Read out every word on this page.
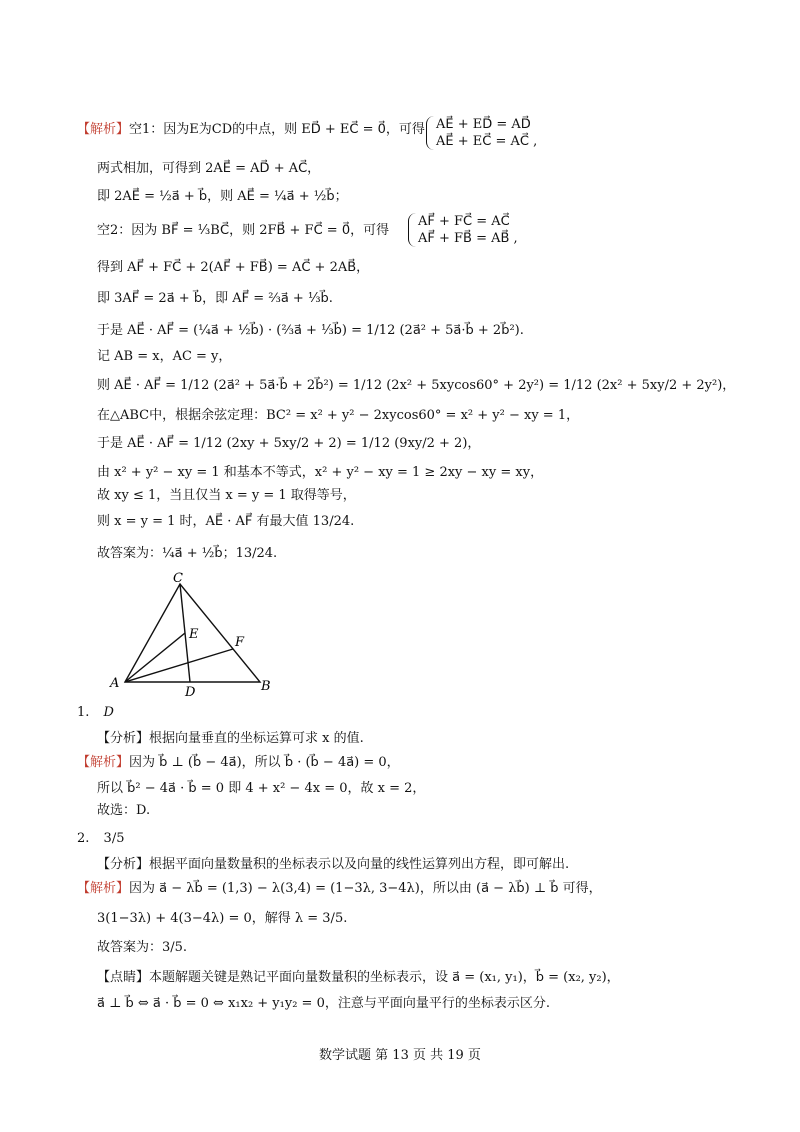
【解析】空1：因为E为CD的中点，则 ED⃗ + EC⃗ = 0⃗，可得 AE⃗ + ED⃗ = AD⃗
AE⃗ + EC⃗ = AC⃗ ,
两式相加，可得到 2AE⃗ = AD⃗ + AC⃗，
即 2AE⃗ = ½a⃗ + b⃗，则 AE⃗ = ¼a⃗ + ½b⃗；
空2：因为 BF⃗ = ⅓BC⃗，则 2FB⃗ + FC⃗ = 0⃗，可得
AF⃗ + FC⃗ = AC⃗
AF⃗ + FB⃗ = AB⃗ ,
得到 AF⃗ + FC⃗ + 2(AF⃗ + FB⃗) = AC⃗ + 2AB⃗，
即 3AF⃗ = 2a⃗ + b⃗，即 AF⃗ = ⅔a⃗ + ⅓b⃗.
于是 AE⃗ · AF⃗ = (¼a⃗ + ½b⃗) · (⅔a⃗ + ⅓b⃗) = 1/12 (2a⃗² + 5a⃗·b⃗ + 2b⃗²).
记 AB = x，AC = y，
则 AE⃗ · AF⃗ = 1/12 (2a⃗² + 5a⃗·b⃗ + 2b⃗²) = 1/12 (2x² + 5xycos60° + 2y²) = 1/12 (2x² + 5xy/2 + 2y²)，
在△ABC中，根据余弦定理：BC² = x² + y² − 2xycos60° = x² + y² − xy = 1，
于是 AE⃗ · AF⃗ = 1/12 (2xy + 5xy/2 + 2) = 1/12 (9xy/2 + 2)，
由 x² + y² − xy = 1 和基本不等式，x² + y² − xy = 1 ≥ 2xy − xy = xy，
故 xy ≤ 1，当且仅当 x = y = 1 取得等号，
则 x = y = 1 时，AE⃗ · AF⃗ 有最大值 13/24.
故答案为：¼a⃗ + ½b⃗；13/24.
C
E
F
A
D	B
1. D
【分析】根据向量垂直的坐标运算可求 x 的值.
【解析】因为 b⃗ ⊥ (b⃗ − 4a⃗)，所以 b⃗ · (b⃗ − 4a⃗) = 0，
所以 b⃗² − 4a⃗ · b⃗ = 0 即 4 + x² − 4x = 0，故 x = 2，
故选：D.
2. 3/5
【分析】根据平面向量数量积的坐标表示以及向量的线性运算列出方程，即可解出.
【解析】因为 a⃗ − λb⃗ = (1,3) − λ(3,4) = (1−3λ, 3−4λ)，所以由 (a⃗ − λb⃗) ⊥ b⃗ 可得，
3(1−3λ) + 4(3−4λ) = 0，解得 λ = 3/5.
故答案为：3/5.
【点睛】本题解题关键是熟记平面向量数量积的坐标表示，设 a⃗ = (x₁, y₁)，b⃗ = (x₂, y₂)，
a⃗ ⊥ b⃗ ⇔ a⃗ · b⃗ = 0 ⇔ x₁x₂ + y₁y₂ = 0，注意与平面向量平行的坐标表示区分.
数学试题 第 13 页 共 19 页
